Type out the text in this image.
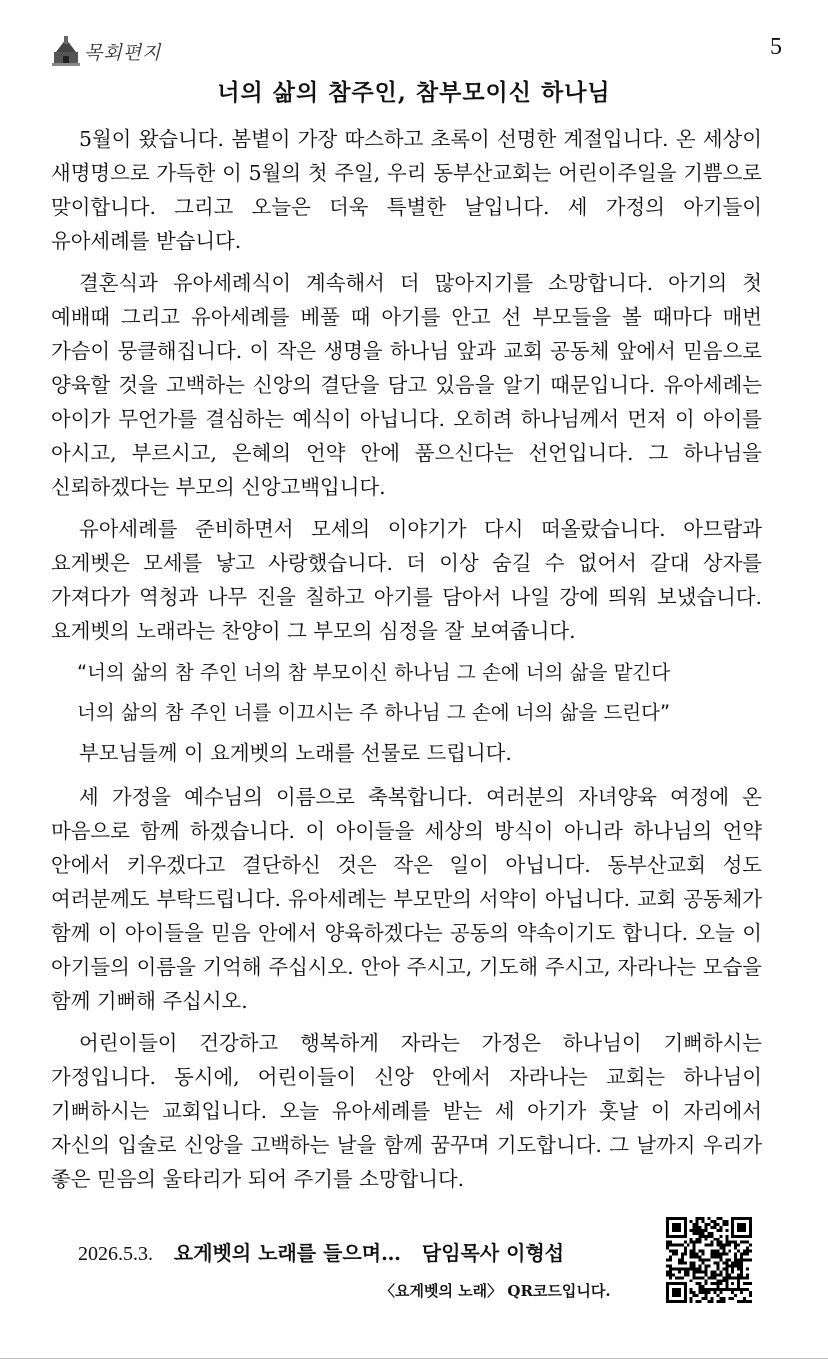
목회편지	5
너의 삶의 참주인, 참부모이신 하나님

5월이 왔습니다. 봄볕이 가장 따스하고 초록이 선명한 계절입니다. 온 세상이 새명명으로 가득한 이 5월의 첫 주일, 우리 동부산교회는 어린이주일을 기쁨으로 맞이합니다. 그리고 오늘은 더욱 특별한 날입니다. 세 가정의 아기들이 유아세례를 받습니다.

결혼식과 유아세례식이 계속해서 더 많아지기를 소망합니다. 아기의 첫 예배때 그리고 유아세례를 베풀 때 아기를 안고 선 부모들을 볼 때마다 매번 가슴이 뭉클해집니다. 이 작은 생명을 하나님 앞과 교회 공동체 앞에서 믿음으로 양육할 것을 고백하는 신앙의 결단을 담고 있음을 알기 때문입니다. 유아세례는 아이가 무언가를 결심하는 예식이 아닙니다. 오히려 하나님께서 먼저 이 아이를 아시고, 부르시고, 은혜의 언약 안에 품으신다는 선언입니다. 그 하나님을 신뢰하겠다는 부모의 신앙고백입니다.

유아세례를 준비하면서 모세의 이야기가 다시 떠올랐습니다. 아므람과 요게벳은 모세를 낳고 사랑했습니다. 더 이상 숨길 수 없어서 갈대 상자를 가져다가 역청과 나무 진을 칠하고 아기를 담아서 나일 강에 띄워 보냈습니다. 요게벳의 노래라는 찬양이 그 부모의 심정을 잘 보여줍니다.

“너의 삶의 참 주인 너의 참 부모이신 하나님 그 손에 너의 삶을 맡긴다
너의 삶의 참 주인 너를 이끄시는 주 하나님 그 손에 너의 삶을 드린다”

부모님들께 이 요게벳의 노래를 선물로 드립니다.

세 가정을 예수님의 이름으로 축복합니다. 여러분의 자녀양육 여정에 온 마음으로 함께 하겠습니다. 이 아이들을 세상의 방식이 아니라 하나님의 언약 안에서 키우겠다고 결단하신 것은 작은 일이 아닙니다. 동부산교회 성도 여러분께도 부탁드립니다. 유아세례는 부모만의 서약이 아닙니다. 교회 공동체가 함께 이 아이들을 믿음 안에서 양육하겠다는 공동의 약속이기도 합니다. 오늘 이 아기들의 이름을 기억해 주십시오. 안아 주시고, 기도해 주시고, 자라나는 모습을 함께 기뻐해 주십시오.

어린이들이 건강하고 행복하게 자라는 가정은 하나님이 기뻐하시는 가정입니다. 동시에, 어린이들이 신앙 안에서 자라나는 교회는 하나님이 기뻐하시는 교회입니다. 오늘 유아세례를 받는 세 아기가 훗날 이 자리에서 자신의 입술로 신앙을 고백하는 날을 함께 꿈꾸며 기도합니다. 그 날까지 우리가 좋은 믿음의 울타리가 되어 주기를 소망합니다.

2026.5.3. 요게벳의 노래를 들으며… 담임목사 이형섭
〈요게벳의 노래〉 QR코드입니다.
